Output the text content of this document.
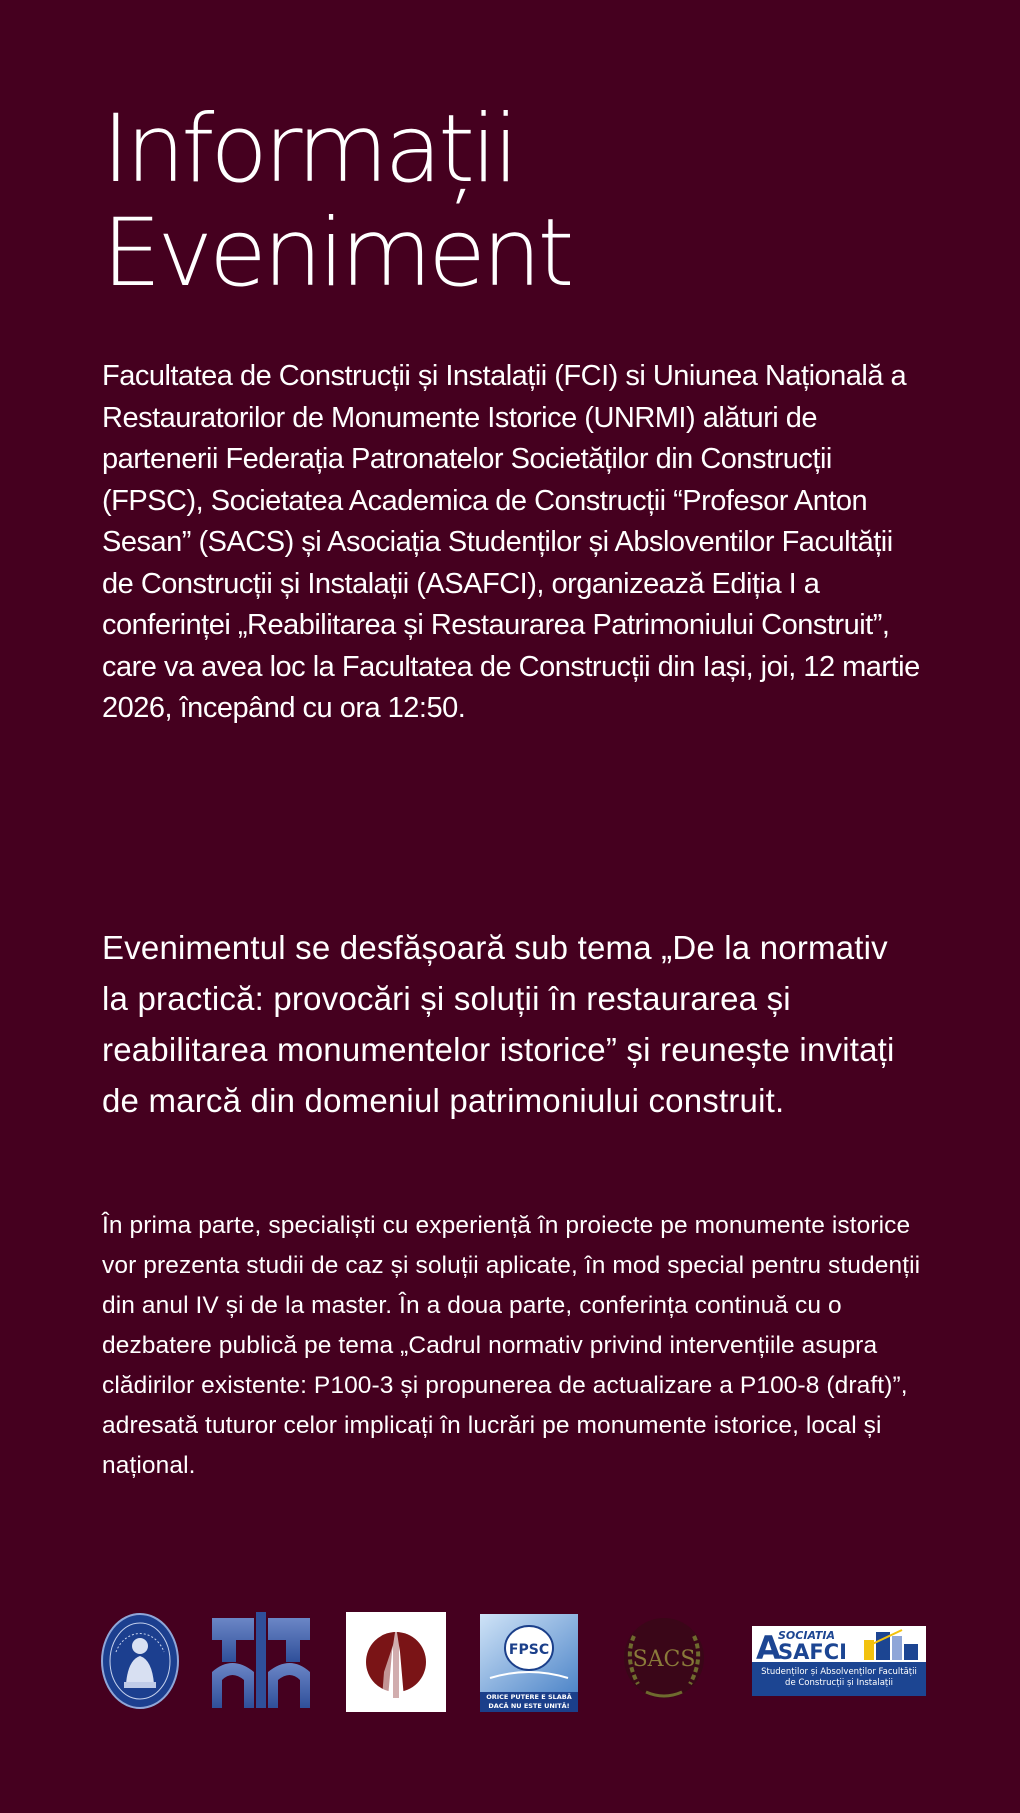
Informații
Eveniment

Facultatea de Construcții și Instalații (FCI) si Uniunea Națională a Restauratorilor de Monumente Istorice (UNRMI) alături de partenerii Federația Patronatelor Societăților din Construcții (FPSC), Societatea Academica de Construcții “Profesor Anton Sesan” (SACS) și Asociația Studenților și Absloventilor Facultății de Construcții și Instalații (ASAFCI), organizează Ediția I a conferinței „Reabilitarea și Restaurarea Patrimoniului Construit”, care va avea loc la Facultatea de Construcții din Iași, joi, 12 martie 2026, începând cu ora 12:50.

Evenimentul se desfășoară sub tema „De la normativ la practică: provocări și soluții în restaurarea și reabilitarea monumentelor istorice” și reunește invitați de marcă din domeniul patrimoniului construit.

În prima parte, specialiști cu experiență în proiecte pe monumente istorice vor prezenta studii de caz și soluții aplicate, în mod special pentru studenții din anul IV și de la master. În a doua parte, conferința continuă cu o dezbatere publică pe tema „Cadrul normativ privind intervențiile asupra clădirilor existente: P100-3 și propunerea de actualizare a P100-8 (draft)”, adresată tuturor celor implicați în lucrări pe monumente istorice, local și național.

FPSC
ORICE PUTERE E SLABĂ
DACĂ NU ESTE UNITĂ!
SACS A
SOCIATIA
SAFCI
Studenților și Absolvenților Facultății
de Construcții și Instalații
